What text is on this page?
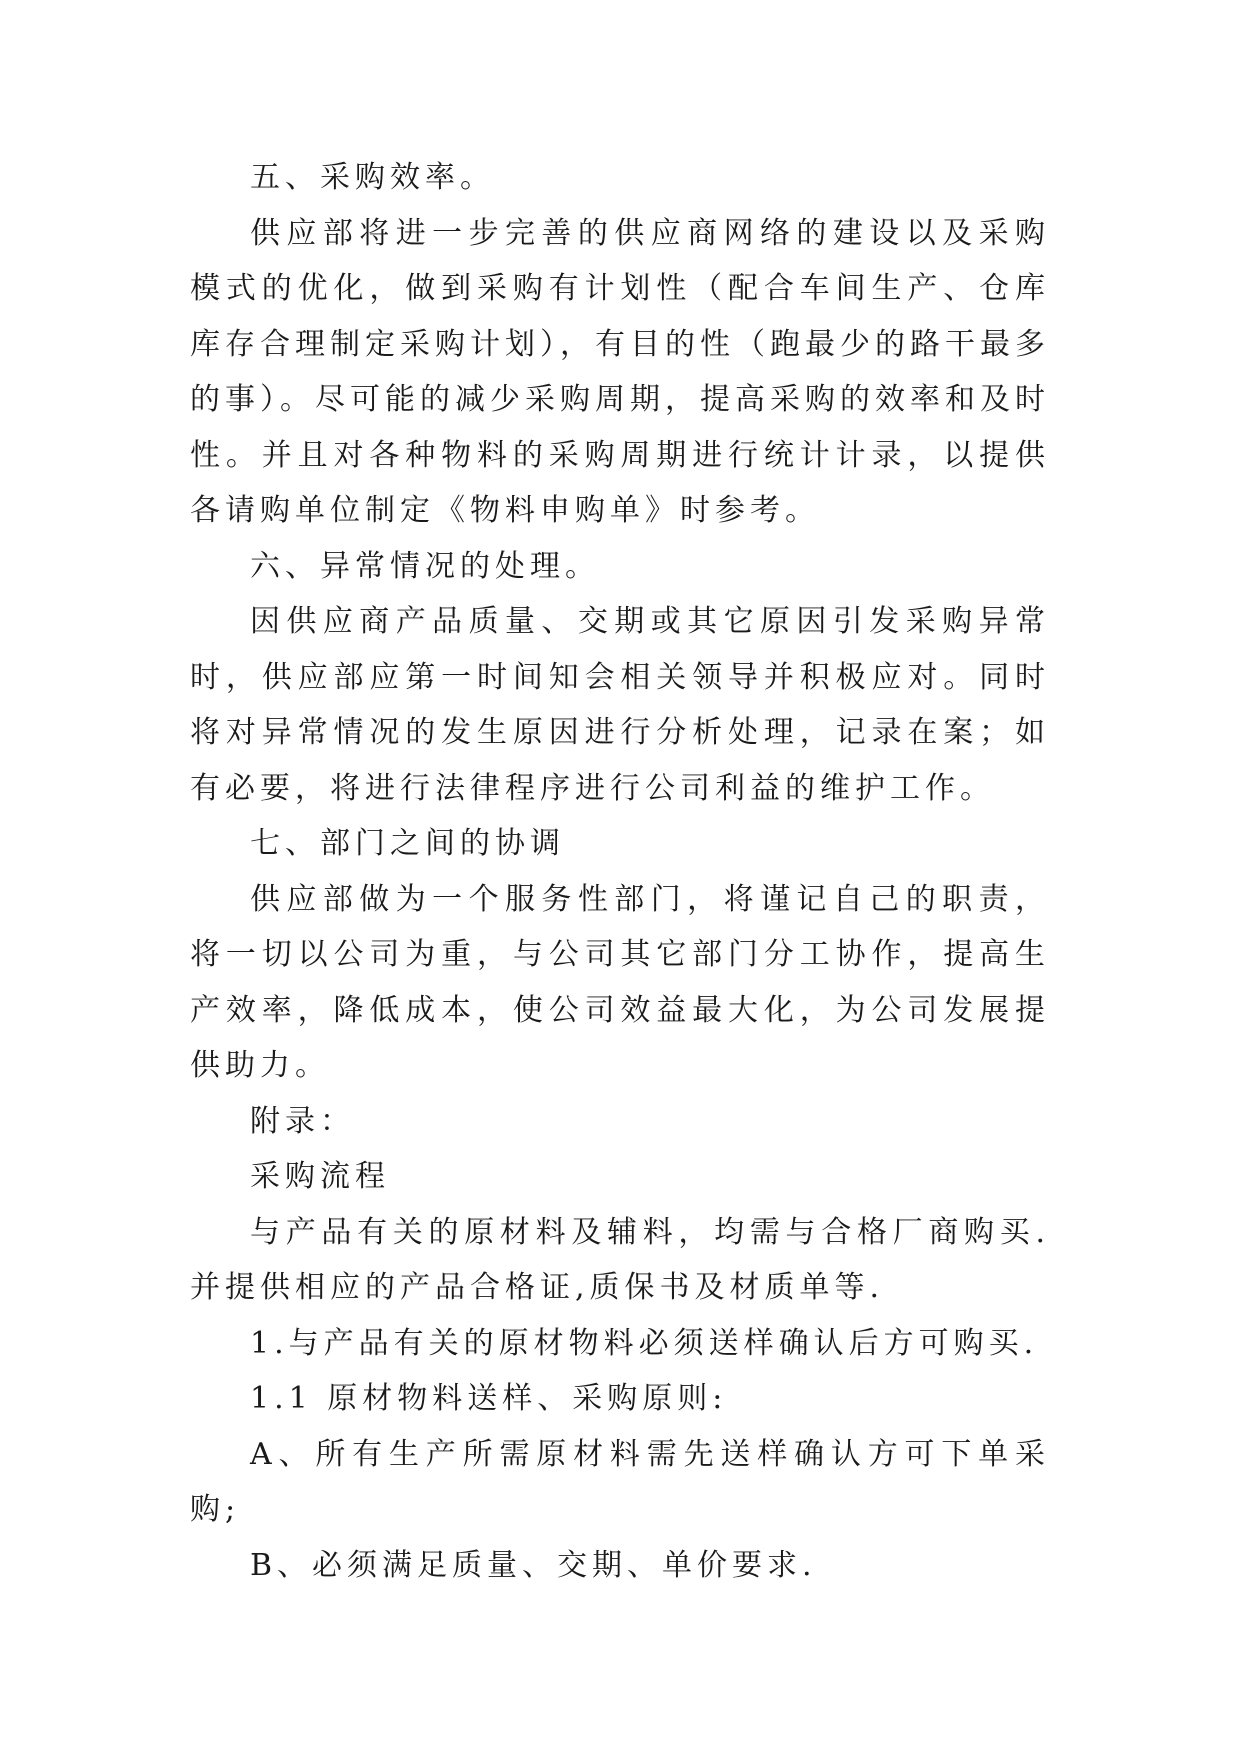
五、采购效率。

供应部将进一步完善的供应商网络的建设以及采购模式的优化，做到采购有计划性（配合车间生产、仓库库存合理制定采购计划），有目的性（跑最少的路干最多的事）。尽可能的减少采购周期，提高采购的效率和及时性。并且对各种物料的采购周期进行统计计录，以提供各请购单位制定《物料申购单》时参考。

六、异常情况的处理。

因供应商产品质量、交期或其它原因引发采购异常时，供应部应第一时间知会相关领导并积极应对。同时将对异常情况的发生原因进行分析处理，记录在案；如有必要，将进行法律程序进行公司利益的维护工作。

七、部门之间的协调

供应部做为一个服务性部门，将谨记自己的职责，将一切以公司为重，与公司其它部门分工协作，提高生产效率，降低成本，使公司效益最大化，为公司发展提供助力。

附录：

采购流程

与产品有关的原材料及辅料，均需与合格厂商购买.并提供相应的产品合格证,质保书及材质单等.

1.与产品有关的原材物料必须送样确认后方可购买.

1.1 原材物料送样、采购原则:

A、所有生产所需原材料需先送样确认方可下单采购;

B、必须满足质量、交期、单价要求.
